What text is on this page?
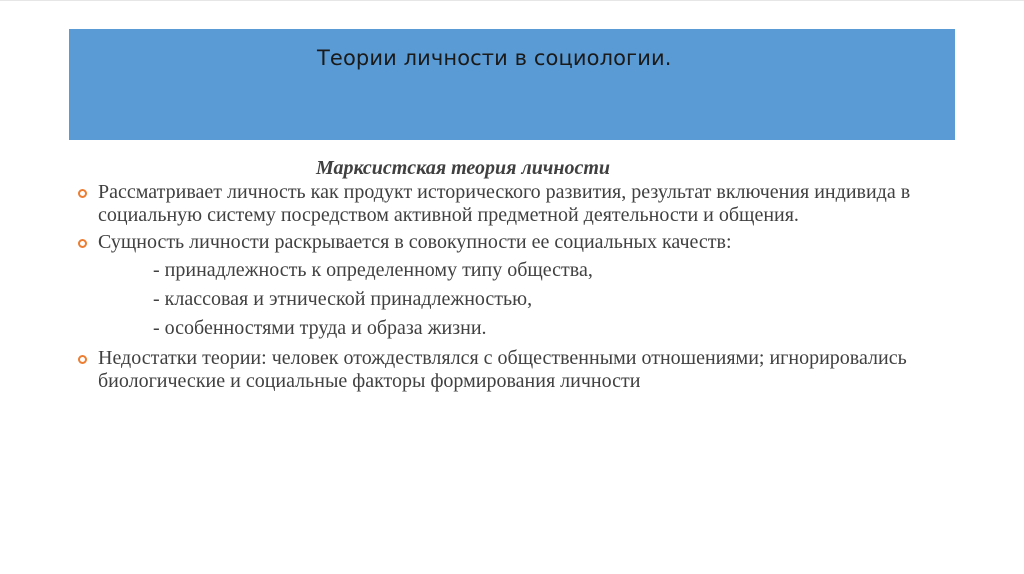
Теории личности в социологии.

Марксистская теория личности

Рассматривает личность как продукт исторического развития, результат включения индивида в социальную систему посредством активной предметной деятельности и общения.
Сущность личности раскрывается в совокупности ее социальных качеств:
- принадлежность к определенному типу общества,
- классовая и этнической принадлежностью,
- особенностями труда и образа жизни.
Недостатки теории: человек отождествлялся с общественными отношениями; игнорировались биологические и социальные факторы формирования личности
